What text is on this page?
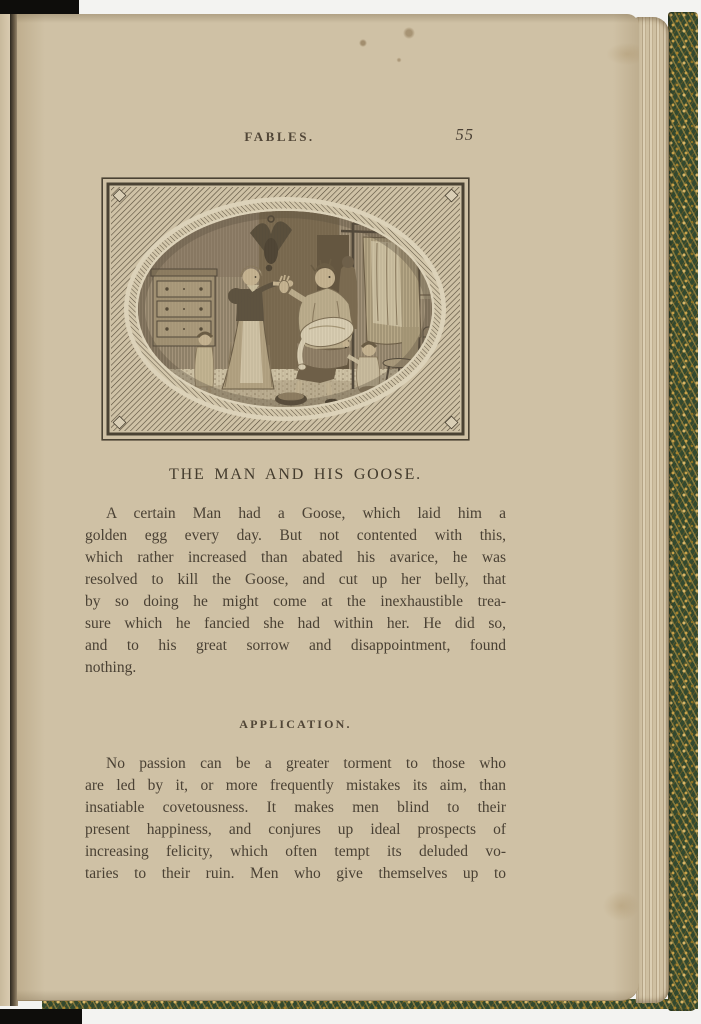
FABLES.	55
THE MAN AND HIS GOOSE.
A certain Man had a Goose, which laid him a
golden egg every day. But not contented with this,
which rather increased than abated his avarice, he was
resolved to kill the Goose, and cut up her belly, that
by so doing he might come at the inexhaustible trea-
sure which he fancied she had within her. He did so,
and to his great sorrow and disappointment, found
nothing.
APPLICATION.
No passion can be a greater torment to those who
are led by it, or more frequently mistakes its aim, than
insatiable covetousness. It makes men blind to their
present happiness, and conjures up ideal prospects of
increasing felicity, which often tempt its deluded vo-
taries to their ruin. Men who give themselves up to
